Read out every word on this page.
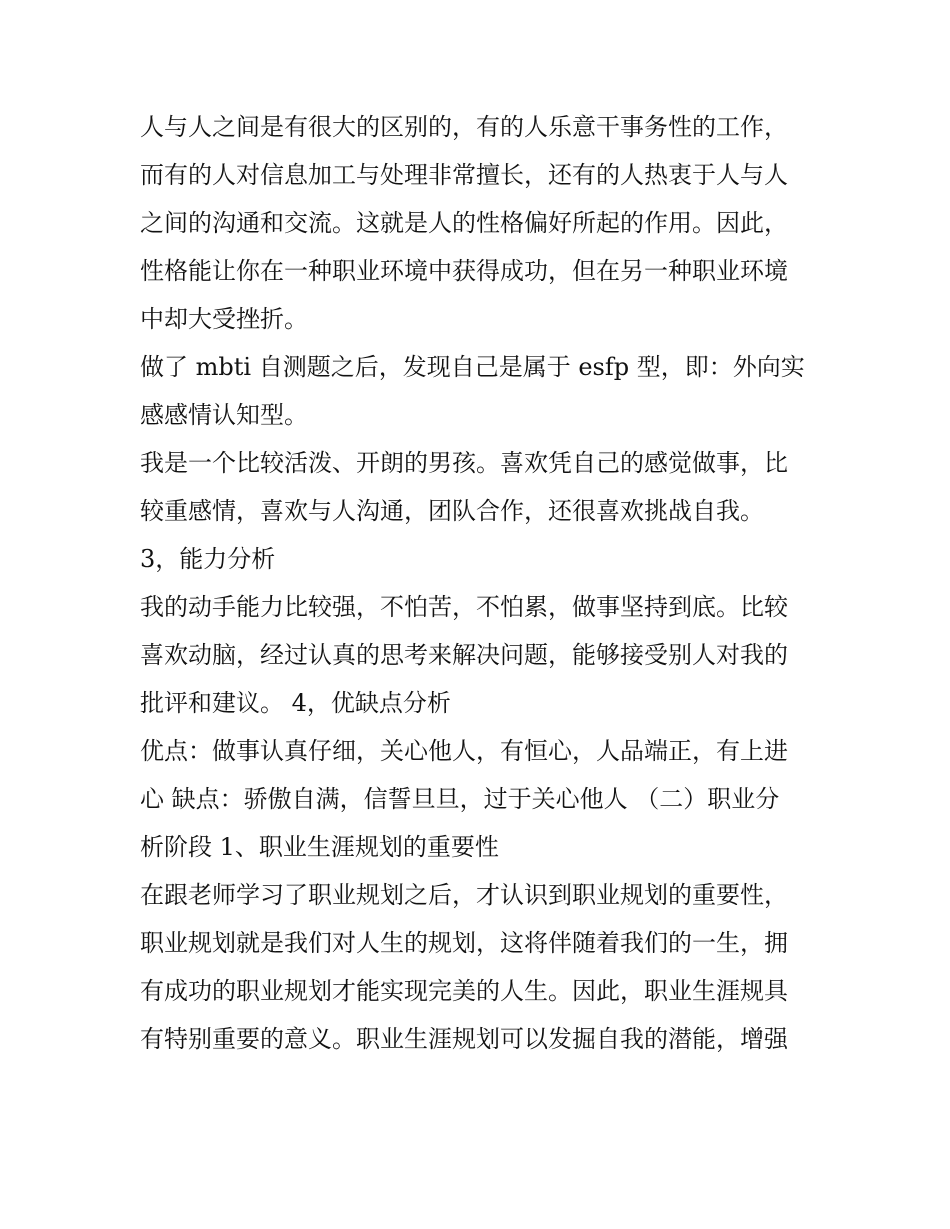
人与人之间是有很大的区别的，有的人乐意干事务性的工作，
而有的人对信息加工与处理非常擅长，还有的人热衷于人与人
之间的沟通和交流。这就是人的性格偏好所起的作用。因此，
性格能让你在一种职业环境中获得成功，但在另一种职业环境
中却大受挫折。
做了 mbti 自测题之后，发现自己是属于 esfp 型，即：外向实
感感情认知型。
我是一个比较活泼、开朗的男孩。喜欢凭自己的感觉做事，比
较重感情，喜欢与人沟通，团队合作，还很喜欢挑战自我。
3，能力分析
我的动手能力比较强，不怕苦，不怕累，做事坚持到底。比较
喜欢动脑，经过认真的思考来解决问题，能够接受别人对我的
批评和建议。 4，优缺点分析
优点：做事认真仔细，关心他人，有恒心，人品端正，有上进
心 缺点：骄傲自满，信誓旦旦，过于关心他人 （二）职业分
析阶段 1、职业生涯规划的重要性
在跟老师学习了职业规划之后，才认识到职业规划的重要性，
职业规划就是我们对人生的规划，这将伴随着我们的一生，拥
有成功的职业规划才能实现完美的人生。因此，职业生涯规具
有特别重要的意义。职业生涯规划可以发掘自我的潜能，增强
